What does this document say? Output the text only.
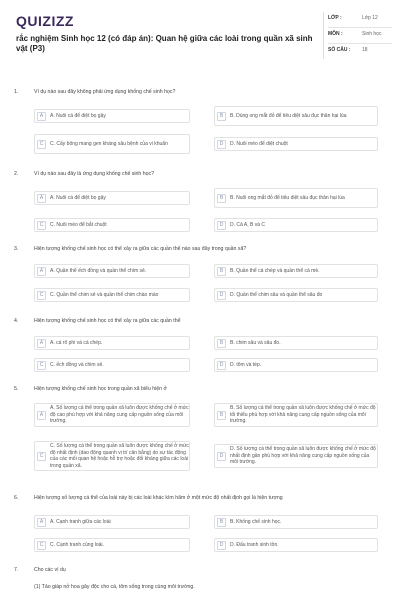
QUIZIZZ
rắc nghiệm Sinh học 12 (có đáp án): Quan hệ giữa các loài trong quần xã sinh vật (P3)
LỚP :	Lớp 12
MÔN :	Sinh học
SỐ CÂU :	18
1.	Ví dụ nào sau đây không phải ứng dụng khống chế sinh học?
A	A. Nuôi cá để diệt bọ gậy	B	B. Dùng ong mắt đỏ để tiêu diệt sâu đục thân hại lúa
C	C. Cấy bông mang gen kháng sâu bệnh của vi khuẩn	D	D. Nuôi mèo để diệt chuột
2.	Ví dụ nào sau đây là ứng dụng khống chế sinh học?
A	A. Nuôi cá để diệt bọ gậy	B	B. Nuôi ong mắt đỏ để tiêu diệt sâu đục thân hại lúa
C	C. Nuôi mèo để bắt chuột	D	D. Cả A, B và C
3.	Hiện tượng khống chế sinh học có thể xảy ra giữa các quần thể nào sau đây trong quần xã?
A	A. Quần thể ếch đồng và quần thể chim sẻ.	B	B. Quần thể cá chép và quần thể cá mè.
C	C. Quần thể chim sẻ và quần thể chim chào mào	D	D. Quần thể chim sâu và quần thể sâu đo
4.	Hiện tượng khống chế sinh học có thể xảy ra giữa các quần thể
A	A. cá rô phi và cá chép.	B	B. chim sâu và sâu đo.
C	C. ếch đồng và chim sẻ.	D	D. tôm và tép.
5.	Hiện tượng khống chế sinh học trong quần xã biểu hiện ở
A
A. Số lượng cá thể trong quần xã luôn được khống chế ở mức độ cao phù hợp với khả năng cung cấp nguồn sống của môi trường.
B
B. Số lượng cá thể trong quần xã luôn được khống chế ở mức độ tối thiểu phù hợp với khả năng cung cấp nguồn sống của môi trường.
C
C. Số lượng cá thể trong quần xã luôn được khống chế ở mức độ nhất định (dao động quanh vị trí cân bằng) do sự tác động của các mối quan hệ hoặc hỗ trợ hoặc đối kháng giữa các loài trong quần xã.
D
D. Số lượng cá thể trong quần xã luôn được khống chế ở mức độ nhất định gần phù hợp với khả năng cung cấp nguồn sống của môi trường.
6.	Hiện tượng số lượng cá thể của loài này bị các loài khác kìm hãm ở một mức độ nhất định gọi là hiện tượng
A	A. Cạnh tranh giữa các loài	B	B. Khống chế sinh học.
C	C. Cạnh tranh cùng loài.	D	D. Đấu tranh sinh tồn.
7.	Cho các ví dụ
(1) Tảo giáp nở hoa gây độc cho cá, tôm sống trong cùng môi trường.
